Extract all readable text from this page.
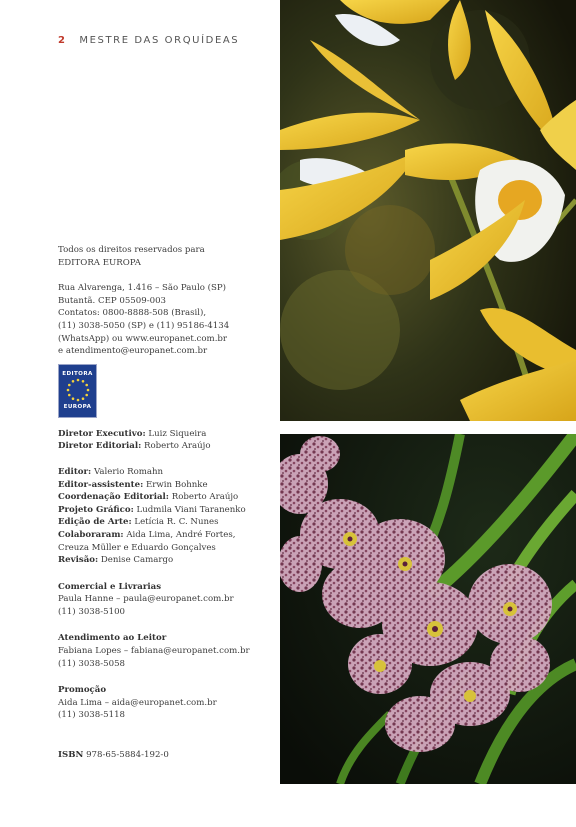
2 MESTRE DAS ORQUÍDEAS

Todos os direitos reservados para

EDITORA EUROPA

Rua Alvarenga, 1.416 – São Paulo (SP)

Butantã. CEP 05509-003

Contatos: 0800-8888-508 (Brasil),

(11) 3038-5050 (SP) e (11) 95186-4134

(WhatsApp) ou www.europanet.com.br

e atendimento@europanet.com.br

EDITORA
EUROPA

Diretor Executivo: Luiz Siqueira

Diretor Editorial: Roberto Araújo

Editor: Valerio Romahn

Editor-assistente: Erwin Bohnke

Coordenação Editorial: Roberto Araújo

Projeto Gráfico: Ludmila Viani Taranenko

Edição de Arte: Letícia R. C. Nunes

Colaboraram: Aida Lima, André Fortes,

Creuza Müller e Eduardo Gonçalves

Revisão: Denise Camargo

Comercial e Livrarias

Paula Hanne – paula@europanet.com.br

(11) 3038-5100

Atendimento ao Leitor

Fabiana Lopes – fabiana@europanet.com.br

(11) 3038-5058

Promoção

Aida Lima – aida@europanet.com.br

(11) 3038-5118

ISBN 978-65-5884-192-0
